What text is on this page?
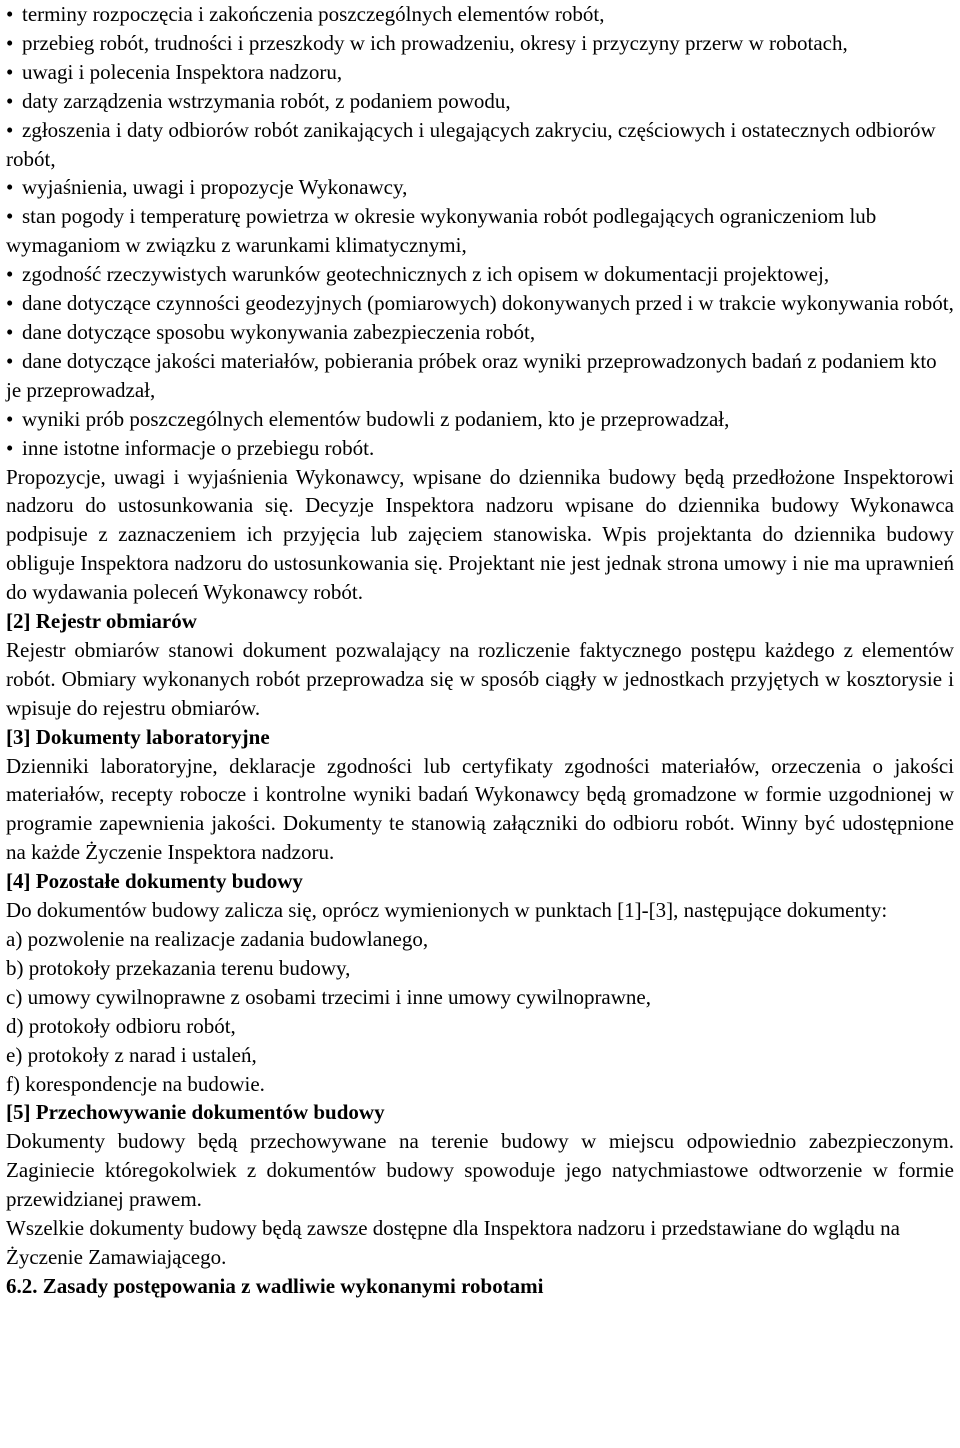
• terminy rozpoczęcia i zakończenia poszczególnych elementów robót,
• przebieg robót, trudności i przeszkody w ich prowadzeniu, okresy i przyczyny przerw w robotach,
• uwagi i polecenia Inspektora nadzoru,
• daty zarządzenia wstrzymania robót, z podaniem powodu,
• zgłoszenia i daty odbiorów robót zanikających i ulegających zakryciu, częściowych i ostatecznych odbiorów robót,
• wyjaśnienia, uwagi i propozycje Wykonawcy,
• stan pogody i temperaturę powietrza w okresie wykonywania robót podlegających ograniczeniom lub wymaganiom w związku z warunkami klimatycznymi,
• zgodność rzeczywistych warunków geotechnicznych z ich opisem w dokumentacji projektowej,
• dane dotyczące czynności geodezyjnych (pomiarowych) dokonywanych przed i w trakcie wykonywania robót,
• dane dotyczące sposobu wykonywania zabezpieczenia robót,
• dane dotyczące jakości materiałów, pobierania próbek oraz wyniki przeprowadzonych badań z podaniem kto je przeprowadzał,
• wyniki prób poszczególnych elementów budowli z podaniem, kto je przeprowadzał,
• inne istotne informacje o przebiegu robót.

Propozycje, uwagi i wyjaśnienia Wykonawcy, wpisane do dziennika budowy będą przedłożone Inspektorowi nadzoru do ustosunkowania się. Decyzje Inspektora nadzoru wpisane do dziennika budowy Wykonawca podpisuje z zaznaczeniem ich przyjęcia lub zajęciem stanowiska. Wpis projektanta do dziennika budowy obliguje Inspektora nadzoru do ustosunkowania się. Projektant nie jest jednak strona umowy i nie ma uprawnień do wydawania poleceń Wykonawcy robót.

[2] Rejestr obmiarów

Rejestr obmiarów stanowi dokument pozwalający na rozliczenie faktycznego postępu każdego z elementów robót. Obmiary wykonanych robót przeprowadza się w sposób ciągły w jednostkach przyjętych w kosztorysie i wpisuje do rejestru obmiarów.

[3] Dokumenty laboratoryjne

Dzienniki laboratoryjne, deklaracje zgodności lub certyfikaty zgodności materiałów, orzeczenia o jakości materiałów, recepty robocze i kontrolne wyniki badań Wykonawcy będą gromadzone w formie uzgodnionej w programie zapewnienia jakości. Dokumenty te stanowią załączniki do odbioru robót. Winny być udostępnione na każde Życzenie Inspektora nadzoru.

[4] Pozostałe dokumenty budowy

Do dokumentów budowy zalicza się, oprócz wymienionych w punktach [1]-[3], następujące dokumenty:

a) pozwolenie na realizacje zadania budowlanego,

b) protokoły przekazania terenu budowy,

c) umowy cywilnoprawne z osobami trzecimi i inne umowy cywilnoprawne,

d) protokoły odbioru robót,

e) protokoły z narad i ustaleń,

f) korespondencje na budowie.

[5] Przechowywanie dokumentów budowy

Dokumenty budowy będą przechowywane na terenie budowy w miejscu odpowiednio zabezpieczonym. Zaginiecie któregokolwiek z dokumentów budowy spowoduje jego natychmiastowe odtworzenie w formie przewidzianej prawem.

Wszelkie dokumenty budowy będą zawsze dostępne dla Inspektora nadzoru i przedstawiane do wglądu na Życzenie Zamawiającego.

6.2. Zasady postępowania z wadliwie wykonanymi robotami
